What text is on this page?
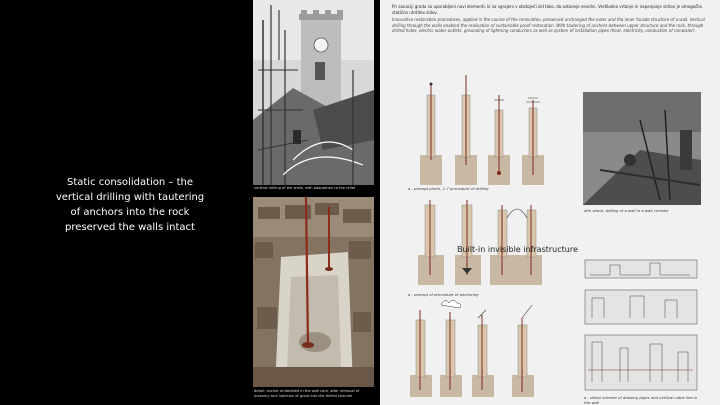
Static consolidation – the
vertical drilling with tautering
of anchors into the rock
preserved the walls intact
vertical drilling of the walls, with adaptation to the relief
detail: anchor embedded in the wall core, after removal of masonry and injection of grout into the drilled channel

Pri sanaciji gradu so uporabljeni novi elementi, ki so vgrajeni v obstoječi zid tako, da ostanejo nevidni. Vertikalno vrtanje in napenjanje sidrov je omogočilo statično utrditev zidov.

Innovative restoration procedures, applied in the course of the renovation, preserved unchanged the outer and the inner facade structure of a wall. Vertical drilling through the walls enabled the realisation of sustainable proof restoration. With tautering of anchors between upper structure and the rock, through drilled holes, electric water outlets, grounding of lightning conductors as well as system of installation pipes (heat, electricity, conduction of rainwater).

Built-in invisible infrastructure
a - prompt photo, 1-7 procedure of drilling
drill stand, drilling of a wall in a wall corridor
a - prompt of procedure of anchoring
a - detail scheme of drawing pipes and vertical cable line in the wall
